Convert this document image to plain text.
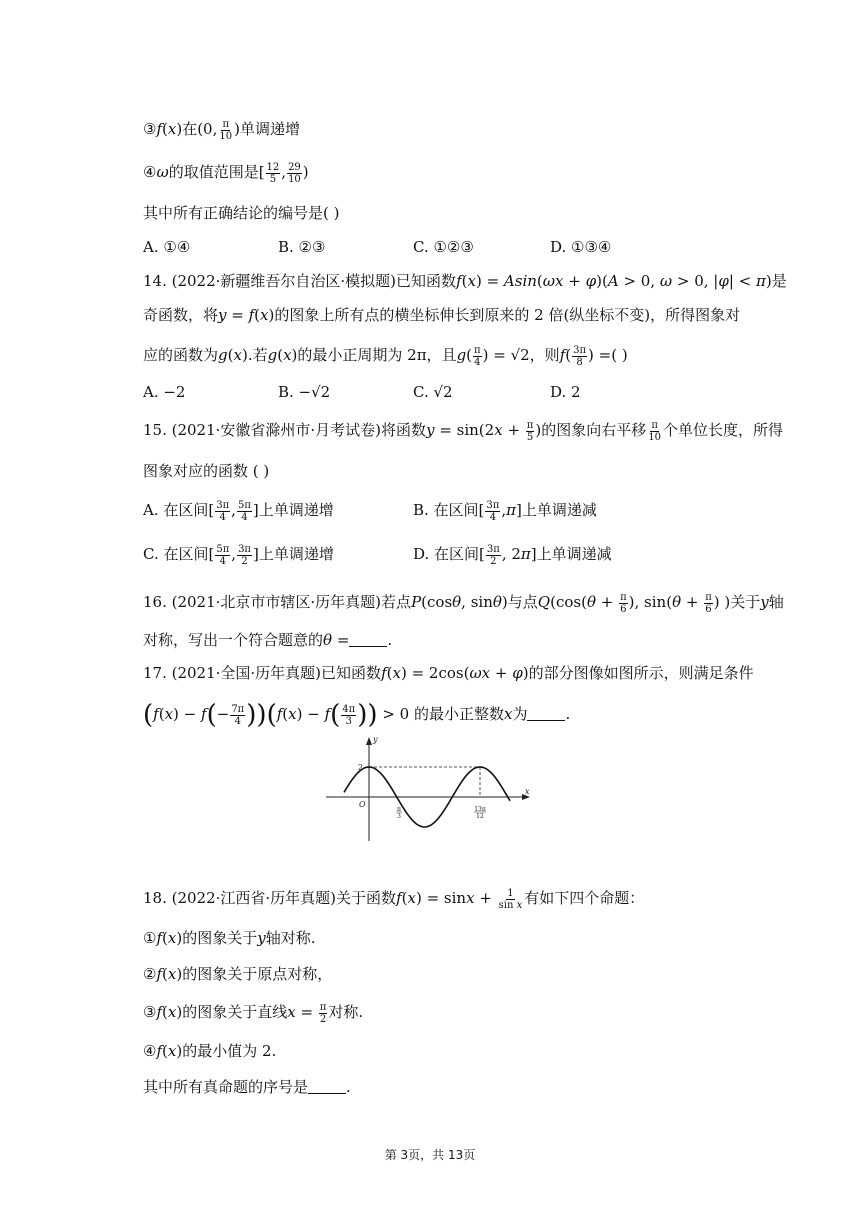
③f(x)在(0, $\frac{\pi}{10}$ )单调递增
④ω的取值范围是[ $\frac{12}{5}$ , $\frac{29}{10}$ )
其中所有正确结论的编号是( )
A. ①④	B. ②③	C. ①②③	D. ①③④
14. (2022·新疆维吾尔自治区·模拟题)已知函数f(x) = Asin(ωx + φ)(A > 0, ω > 0, |φ| < π)是
奇函数，将y = f(x)的图象上所有点的横坐标伸长到原来的 2 倍(纵坐标不变)，所得图象对
应的函数为g(x).若g(x)的最小正周期为 2π，且$g( \frac{\pi}{4}$ ) = √2，则$f( \frac{3\pi}{8}$ ) =( )
A. −2	B. −√2	C. √2	D. 2
15. (2021·安徽省滁州市·月考试卷)将函数$y = \sin(2x + \frac{\pi}{5}$ )的图象向右平移 $\frac{\pi}{10}$ 个单位长度，所得
图象对应的函数 ( )
A. 在区间[ $\frac{3\pi}{4}$ , $\frac{5\pi}{4}$ ]上单调递增	B. 在区间[ $\frac{3\pi}{4} ,\pi$]上单调递减
C. 在区间[ $\frac{5\pi}{4}$ , $\frac{3\pi}{2}$ ]上单调递增	D. 在区间[ $\frac{3\pi}{2}$ , 2π]上单调递减
16. (2021·北京市市辖区·历年真题)若点P(cosθ, sinθ)与点$Q(\cos(\theta + \frac{\pi}{6}$ ), $\sin(\theta + \frac{\pi}{6}$ ) )关于y轴
对称，写出一个符合题意的θ =	.
17. (2021·全国·历年真题)已知函数f(x) = 2cos(ωx + φ)的部分图像如图所示，则满足条件
$(f(x) - f(- \frac{7\pi}{4} ))(f(x) - f( \frac{4\pi}{3}$ )) > 0 的最小正整数x为	.
y
x
O
2
π
3
13π
12
18. (2022·江西省·历年真题)关于函数$f(x) = \sin x + \frac{1}{\text{sin x}}$ 有如下四个命题：
①f(x)的图象关于y轴对称.
②f(x)的图象关于原点对称，
③f(x)的图象关于直线$x = \frac{\pi}{2}$ 对称.
④f(x)的最小值为 2.
其中所有真命题的序号是	.
第 3页，共 13页
